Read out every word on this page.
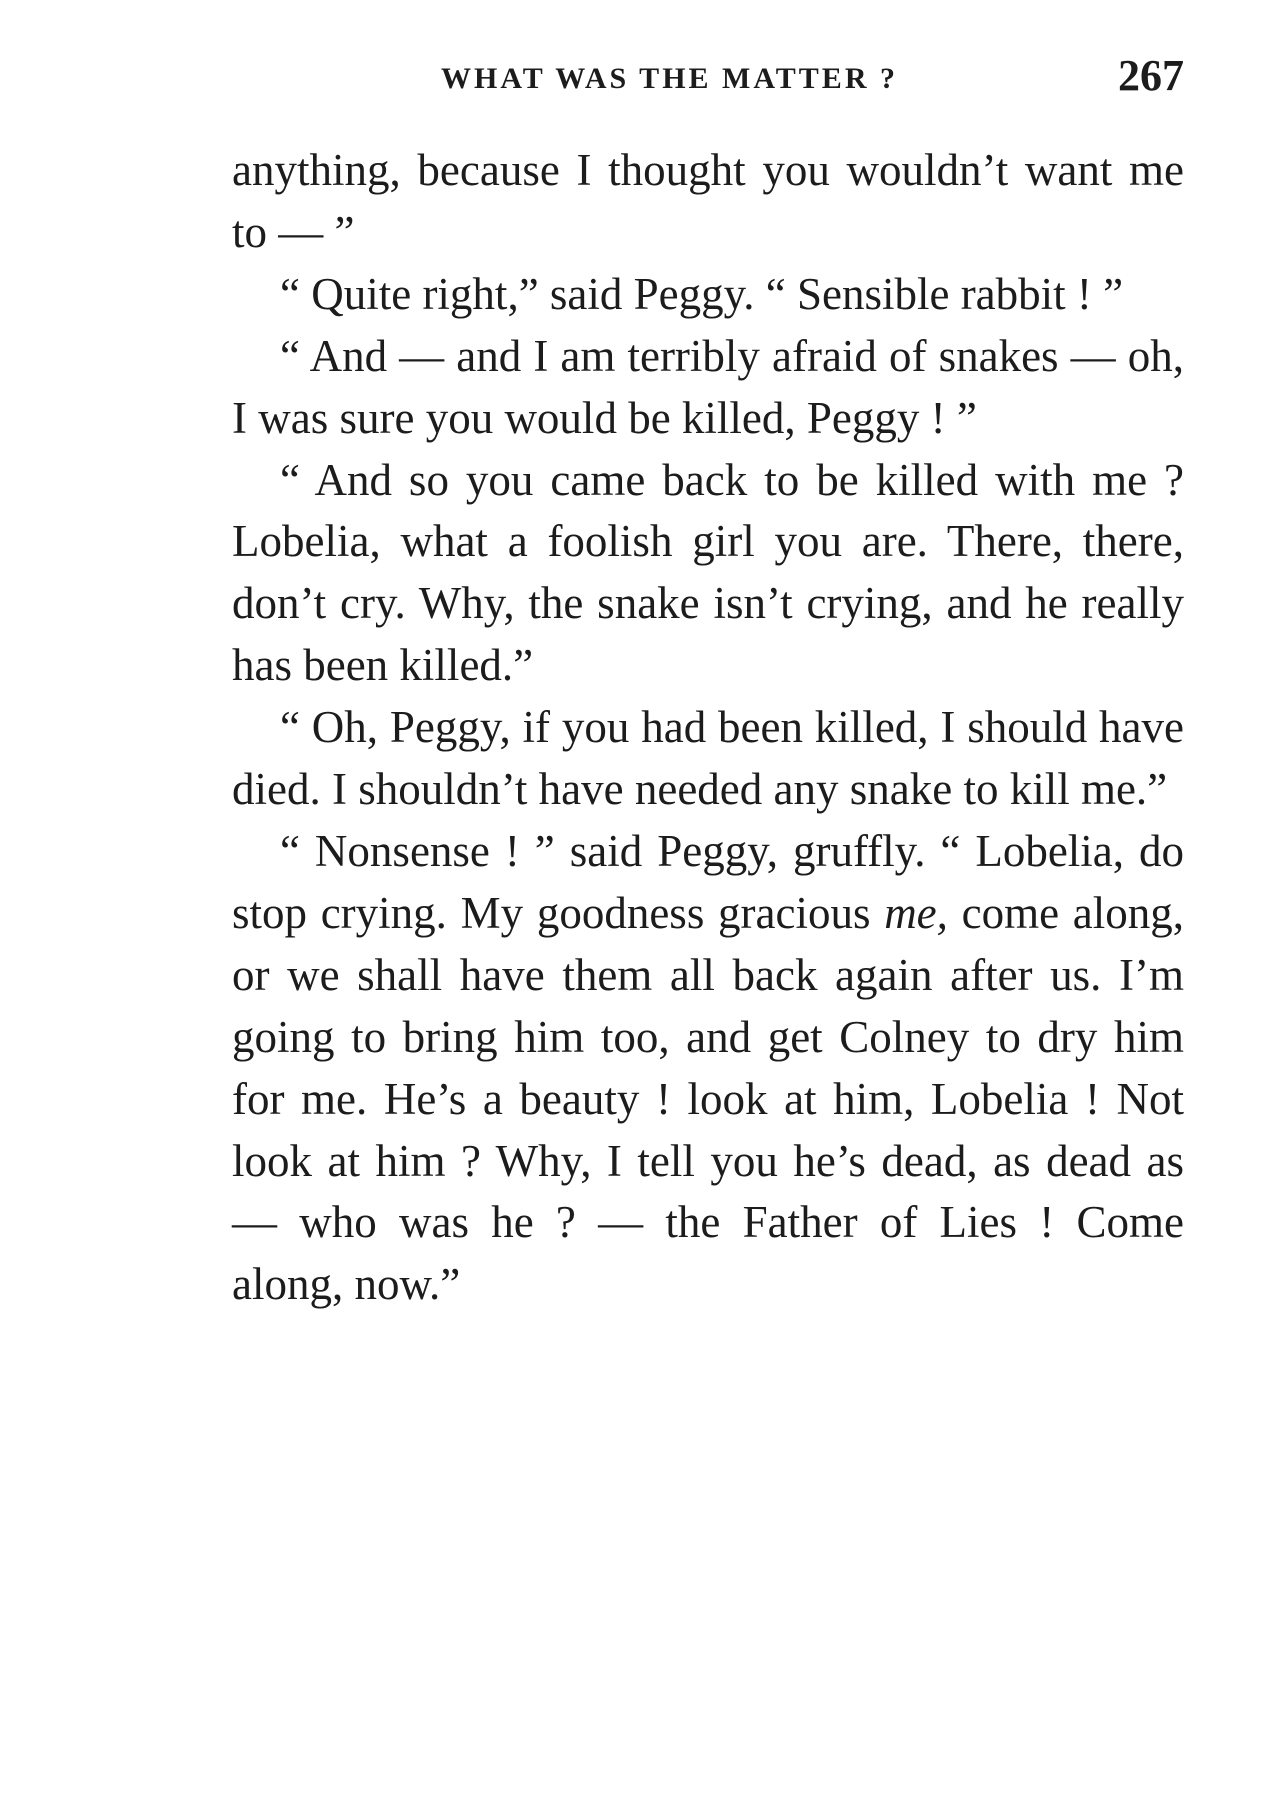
WHAT WAS THE MATTER ?	267

anything, because I thought you wouldn’t want me to — ”

“ Quite right,” said Peggy. “ Sensible rabbit ! ”

“ And — and I am terribly afraid of snakes — oh, I was sure you would be killed, Peggy ! ”

“ And so you came back to be killed with me ? Lobelia, what a foolish girl you are. There, there, don’t cry. Why, the snake isn’t crying, and he really has been killed.”

“ Oh, Peggy, if you had been killed, I should have died. I shouldn’t have needed any snake to kill me.”

“ Nonsense ! ” said Peggy, gruffly. “ Lobelia, do stop crying. My goodness gracious me, come along, or we shall have them all back again after us. I’m going to bring him too, and get Colney to dry him for me. He’s a beauty ! look at him, Lobelia ! Not look at him ? Why, I tell you he’s dead, as dead as — who was he ? — the Father of Lies ! Come along, now.”
